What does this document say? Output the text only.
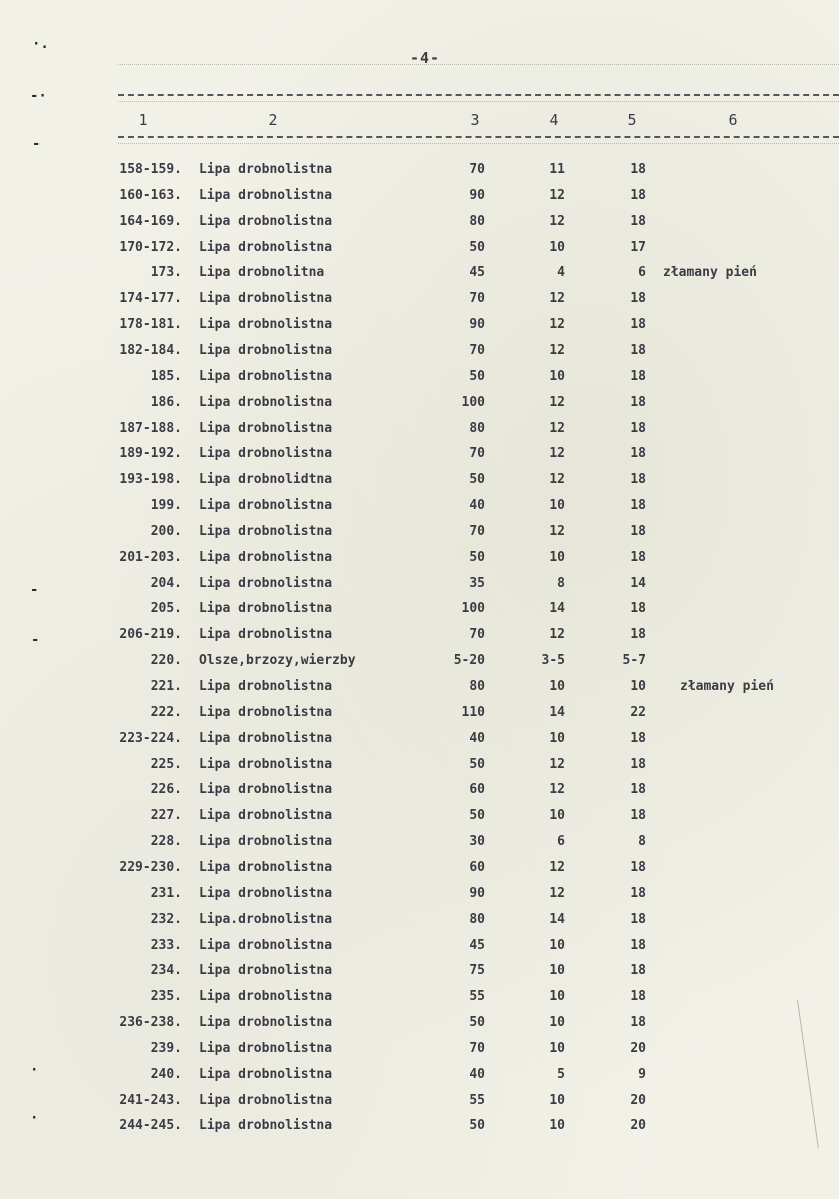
-4-
1	2	3	4	5	6
158-159. Lipa drobnolistna	70	11	18
160-163. Lipa drobnolistna	90	12	18
164-169. Lipa drobnolistna	80	12	18
170-172. Lipa drobnolistna	50	10	17
173. Lipa drobnolitna	45	4	6 złamany pień
174-177. Lipa drobnolistna	70	12	18
178-181. Lipa drobnolistna	90	12	18
182-184. Lipa drobnolistna	70	12	18
185. Lipa drobnolistna	50	10	18
186. Lipa drobnolistna	100	12	18
187-188. Lipa drobnolistna	80	12	18
189-192. Lipa drobnolistna	70	12	18
193-198. Lipa drobnolidtna	50	12	18
199. Lipa drobnolistna	40	10	18
200. Lipa drobnolistna	70	12	18
201-203. Lipa drobnolistna	50	10	18
204. Lipa drobnolistna	35	8	14
205. Lipa drobnolistna	100	14	18
206-219. Lipa drobnolistna	70	12	18
220. Olsze,brzozy,wierzby	5-20	3-5	5-7
221. Lipa drobnolistna	80	10	10	złamany pień
222. Lipa drobnolistna	110	14	22
223-224. Lipa drobnolistna	40	10	18
225. Lipa drobnolistna	50	12	18
226. Lipa drobnolistna	60	12	18
227. Lipa drobnolistna	50	10	18
228. Lipa drobnolistna	30	6	8
229-230. Lipa drobnolistna	60	12	18
231. Lipa drobnolistna	90	12	18
232. Lipa.drobnolistna	80	14	18
233. Lipa drobnolistna	45	10	18
234. Lipa drobnolistna	75	10	18
235. Lipa drobnolistna	55	10	18
236-238. Lipa drobnolistna	50	10	18
239. Lipa drobnolistna	70	10	20
240. Lipa drobnolistna	40	5	9
241-243. Lipa drobnolistna	55	10	20
244-245. Lipa drobnolistna	50	10	20
·.
-·
-
-
-
·
·
